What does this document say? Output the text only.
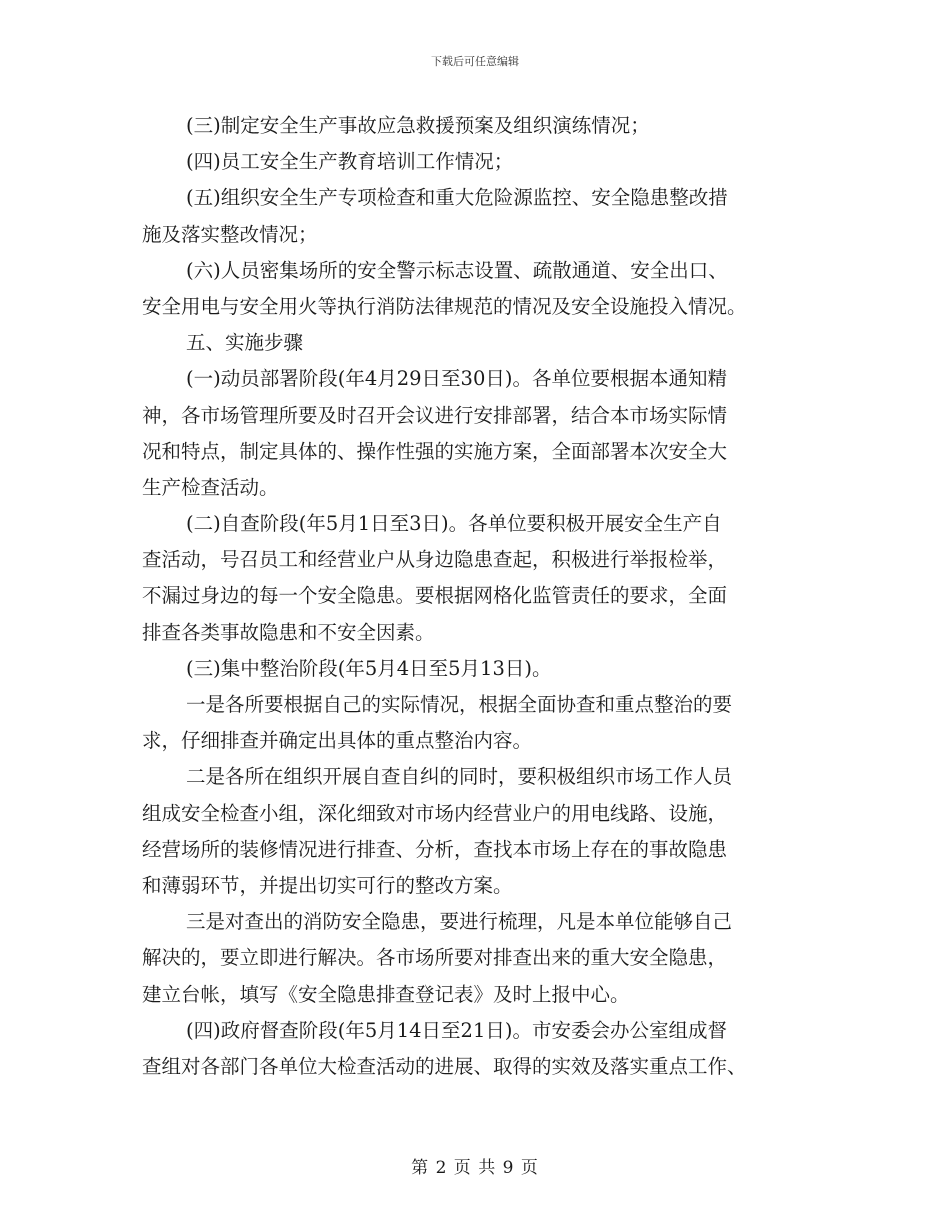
下载后可任意编辑
(三)制定安全生产事故应急救援预案及组织演练情况；
(四)员工安全生产教育培训工作情况；
(五)组织安全生产专项检查和重大危险源监控、安全隐患整改措
施及落实整改情况；
(六)人员密集场所的安全警示标志设置、疏散通道、安全出口、
安全用电与安全用火等执行消防法律规范的情况及安全设施投入情况。
五、实施步骤
(一)动员部署阶段(年4月29日至30日)。各单位要根据本通知精
神，各市场管理所要及时召开会议进行安排部署，结合本市场实际情
况和特点，制定具体的、操作性强的实施方案，全面部署本次安全大
生产检查活动。
(二)自查阶段(年5月1日至3日)。各单位要积极开展安全生产自
查活动，号召员工和经营业户从身边隐患查起，积极进行举报检举，
不漏过身边的每一个安全隐患。要根据网格化监管责任的要求，全面
排查各类事故隐患和不安全因素。
(三)集中整治阶段(年5月4日至5月13日)。
一是各所要根据自己的实际情况，根据全面协查和重点整治的要
求，仔细排查并确定出具体的重点整治内容。
二是各所在组织开展自查自纠的同时，要积极组织市场工作人员
组成安全检查小组，深化细致对市场内经营业户的用电线路、设施，
经营场所的装修情况进行排查、分析，查找本市场上存在的事故隐患
和薄弱环节，并提出切实可行的整改方案。
三是对查出的消防安全隐患，要进行梳理，凡是本单位能够自己
解决的，要立即进行解决。各市场所要对排查出来的重大安全隐患，
建立台帐，填写《安全隐患排查登记表》及时上报中心。
(四)政府督查阶段(年5月14日至21日)。市安委会办公室组成督
查组对各部门各单位大检查活动的进展、取得的实效及落实重点工作、
第 2 页 共 9 页
